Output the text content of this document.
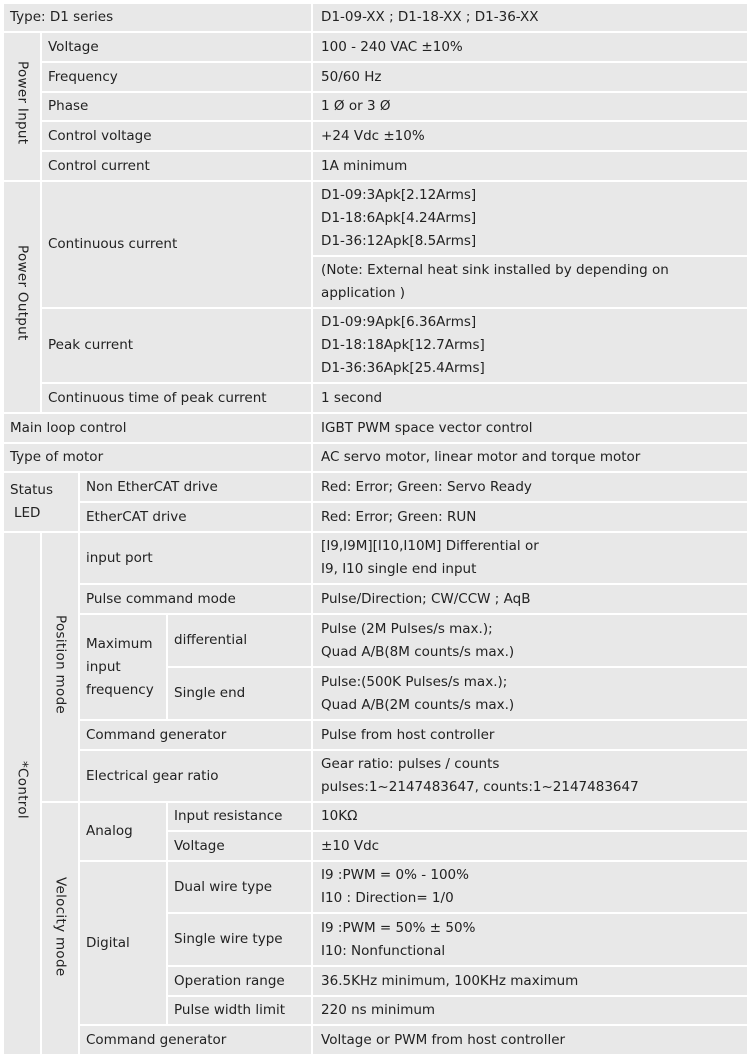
Type: D1 series				D1-09-XX ; D1-18-XX ; D1-36-XX
Power Input	Voltage			100 - 240 VAC ±10%
	Frequency			50/60 Hz
	Phase			1 Ø or 3 Ø
	Control voltage			+24 Vdc ±10%
	Control current			1A minimum
Power Output	Continuous current			D1-09:3Apk[2.12Arms]
D1-18:6Apk[4.24Arms]
D1-36:12Apk[8.5Arms]

				(Note: External heat sink installed by depending on application )
	Peak current			D1-09:9Apk[6.36Arms]
D1-18:18Apk[12.7Arms]
D1-36:36Apk[25.4Arms]

	Continuous time of peak current			1 second
Main loop control				IGBT PWM space vector control
Type of motor				AC servo motor, linear motor and torque motor

Status
LED		Non EtherCAT drive		Red: Error; Green: Servo Ready
		EtherCAT drive		Red: Error; Green: RUN
*Control	Position mode	input port		[I9,I9M][I10,I10M] Differential or
I9, I10 single end input

		Pulse command mode		Pulse/Direction; CW/CCW ; AqB

		Maximum
input
frequency	differential	Pulse (2M Pulses/s max.);
Quad A/B(8M counts/s max.)

			Single end	Pulse:(500K Pulses/s max.);
Quad A/B(2M counts/s max.)

		Command generator		Pulse from host controller
		Electrical gear ratio		Gear ratio: pulses / counts
pulses:1~2147483647, counts:1~2147483647

	Velocity mode	Analog	Input resistance	10KΩ
			Voltage	±10 Vdc
		Digital	Dual wire type	I9 :PWM = 0% - 100%
I10 : Direction= 1/0

			Single wire type	I9 :PWM = 50% ± 50%
I10: Nonfunctional

			Operation range	36.5KHz minimum, 100KHz maximum
			Pulse width limit	220 ns minimum
		Command generator		Voltage or PWM from host controller
